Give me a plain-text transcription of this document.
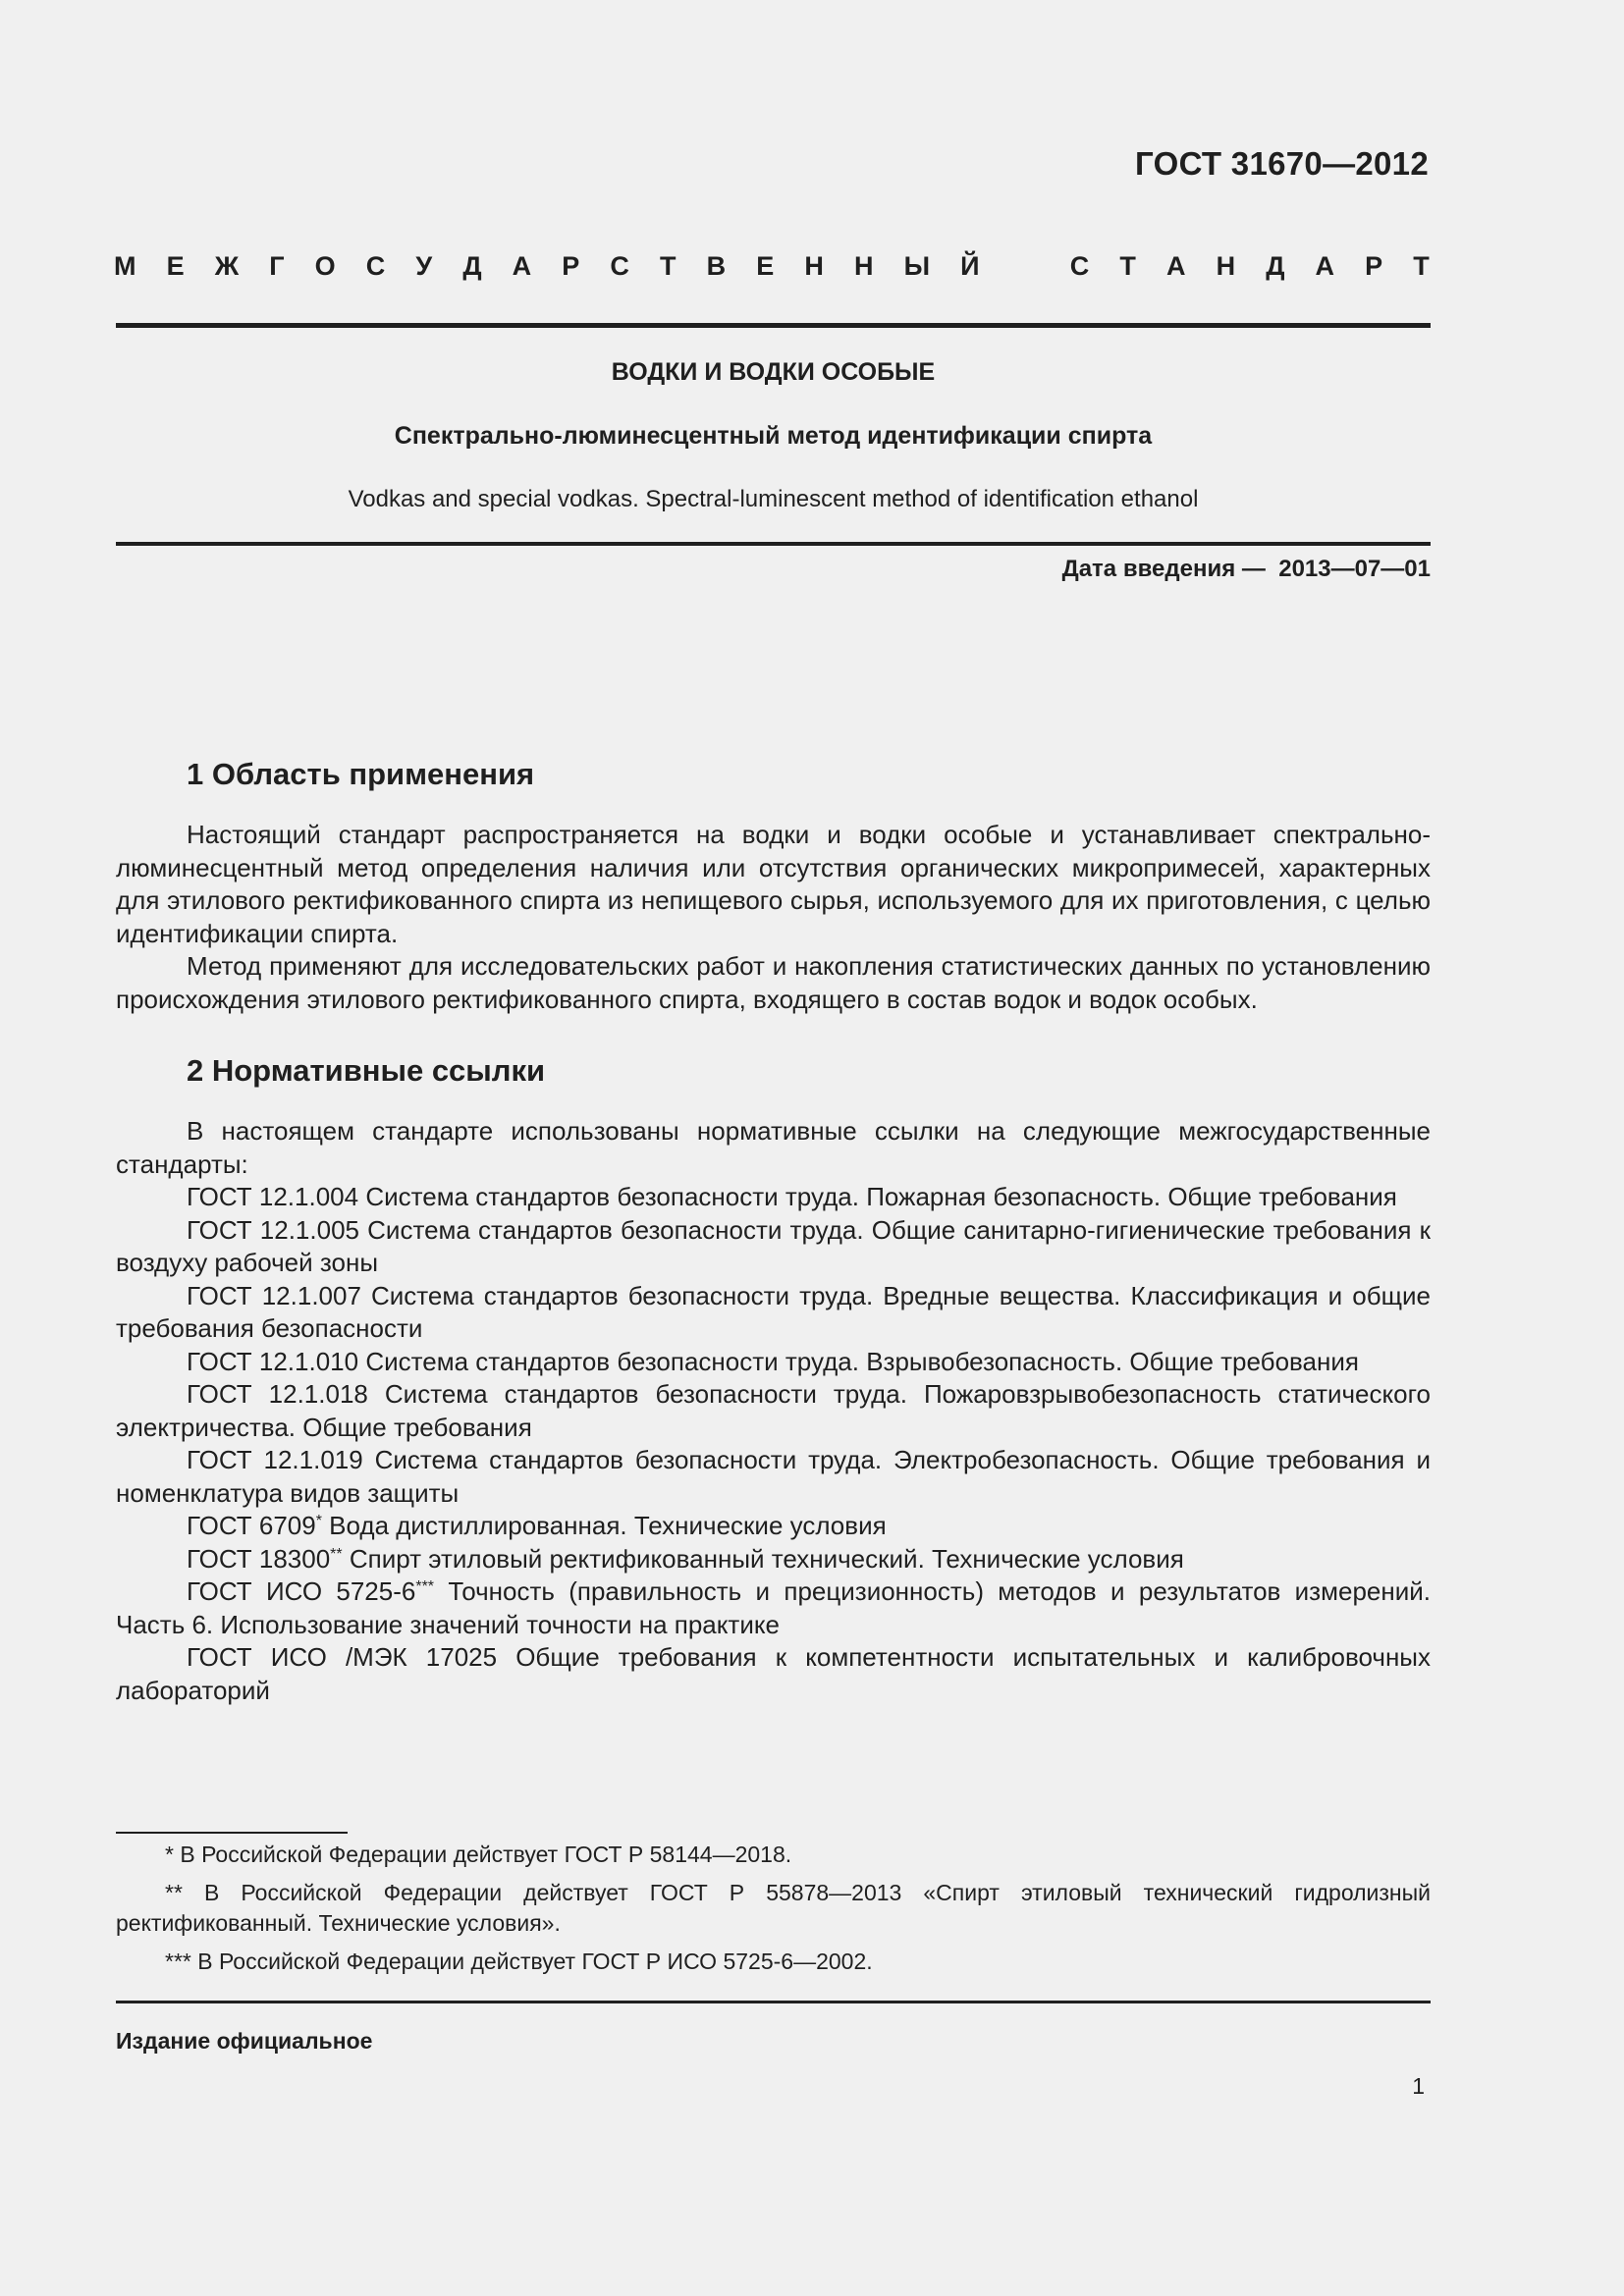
ГОСТ 31670—2012
М Е Ж Г О С У Д А Р С Т В Е Н Н Ы Й	С Т А Н Д А Р Т
ВОДКИ И ВОДКИ ОСОБЫЕ
Спектрально-люминесцентный метод идентификации спирта
Vodkas and special vodkas. Spectral-luminescent method of identification ethanol
Дата введения — 2013—07—01
1 Область применения

Настоящий стандарт распространяется на водки и водки особые и устанавливает спектрально-люминесцентный метод определения наличия или отсутствия органических микропримесей, характерных для этилового ректификованного спирта из непищевого сырья, используемого для их приготовления, с целью идентификации спирта.

Метод применяют для исследовательских работ и накопления статистических данных по установлению происхождения этилового ректификованного спирта, входящего в состав водок и водок особых.

2 Нормативные ссылки

В настоящем стандарте использованы нормативные ссылки на следующие межгосударственные стандарты:

ГОСТ 12.1.004 Система стандартов безопасности труда. Пожарная безопасность. Общие требования

ГОСТ 12.1.005 Система стандартов безопасности труда. Общие санитарно-гигиенические требования к воздуху рабочей зоны

ГОСТ 12.1.007 Система стандартов безопасности труда. Вредные вещества. Классификация и общие требования безопасности

ГОСТ 12.1.010 Система стандартов безопасности труда. Взрывобезопасность. Общие требования

ГОСТ 12.1.018 Система стандартов безопасности труда. Пожаровзрывобезопасность статического электричества. Общие требования

ГОСТ 12.1.019 Система стандартов безопасности труда. Электробезопасность. Общие требования и номенклатура видов защиты

ГОСТ 6709* Вода дистиллированная. Технические условия

ГОСТ 18300** Спирт этиловый ректификованный технический. Технические условия

ГОСТ ИСО 5725-6*** Точность (правильность и прецизионность) методов и результатов измерений. Часть 6. Использование значений точности на практике

ГОСТ ИСО /МЭК 17025 Общие требования к компетентности испытательных и калибровочных лабораторий

* В Российской Федерации действует ГОСТ Р 58144—2018.

** В Российской Федерации действует ГОСТ Р 55878—2013 «Спирт этиловый технический гидролизный ректификованный. Технические условия».

*** В Российской Федерации действует ГОСТ Р ИСО 5725-6—2002.

Издание официальное
1
